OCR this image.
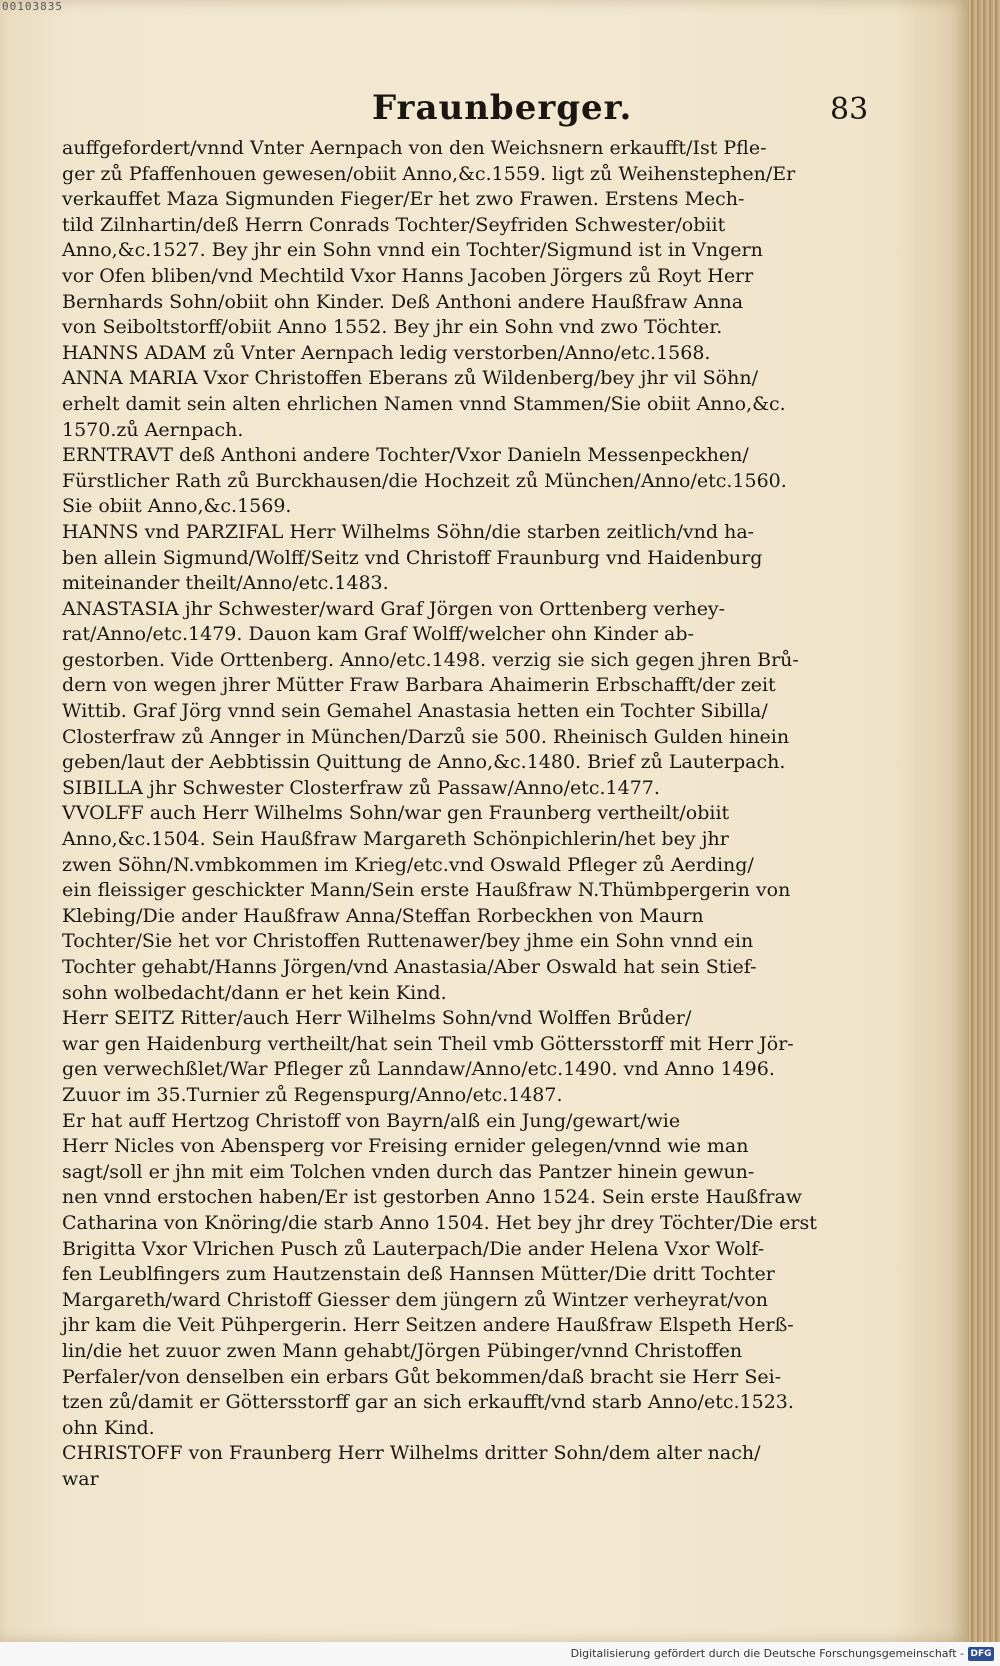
00103835
Fraunberger.	83
auffgefordert/vnnd Vnter Aernpach von den Weichsnern erkaufft/Ist Pfle-
ger zů Pfaffenhouen gewesen/obiit Anno,&c.1559. ligt zů Weihenstephen/Er
verkauffet Maza Sigmunden Fieger/Er het zwo Frawen. Erstens Mech-
tild Zilnhartin/deß Herrn Conrads Tochter/Seyfriden Schwester/obiit
Anno,&c.1527. Bey jhr ein Sohn vnnd ein Tochter/Sigmund ist in Vngern
vor Ofen bliben/vnd Mechtild Vxor Hanns Jacoben Jörgers zů Royt Herr
Bernhards Sohn/obiit ohn Kinder. Deß Anthoni andere Haußfraw Anna
von Seiboltstorff/obiit Anno 1552. Bey jhr ein Sohn vnd zwo Töchter.
HANNS ADAM zů Vnter Aernpach ledig verstorben/Anno/etc.1568.
ANNA MARIA Vxor Christoffen Eberans zů Wildenberg/bey jhr vil Söhn/
erhelt damit sein alten ehrlichen Namen vnnd Stammen/Sie obiit Anno,&c.
1570.zů Aernpach.
ERNTRAVT deß Anthoni andere Tochter/Vxor Danieln Messenpeckhen/
Fürstlicher Rath zů Burckhausen/die Hochzeit zů München/Anno/etc.1560.
Sie obiit Anno,&c.1569.
HANNS vnd PARZIFAL Herr Wilhelms Söhn/die starben zeitlich/vnd ha-
ben allein Sigmund/Wolff/Seitz vnd Christoff Fraunburg vnd Haidenburg
miteinander theilt/Anno/etc.1483.
ANASTASIA jhr Schwester/ward Graf Jörgen von Orttenberg verhey-
rat/Anno/etc.1479. Dauon kam Graf Wolff/welcher ohn Kinder ab-
gestorben. Vide Orttenberg. Anno/etc.1498. verzig sie sich gegen jhren Brů-
dern von wegen jhrer Mütter Fraw Barbara Ahaimerin Erbschafft/der zeit
Wittib. Graf Jörg vnnd sein Gemahel Anastasia hetten ein Tochter Sibilla/
Closterfraw zů Annger in München/Darzů sie 500. Rheinisch Gulden hinein
geben/laut der Aebbtissin Quittung de Anno,&c.1480. Brief zů Lauterpach.
SIBILLA jhr Schwester Closterfraw zů Passaw/Anno/etc.1477.
VVOLFF auch Herr Wilhelms Sohn/war gen Fraunberg vertheilt/obiit
Anno,&c.1504. Sein Haußfraw Margareth Schönpichlerin/het bey jhr
zwen Söhn/N.vmbkommen im Krieg/etc.vnd Oswald Pfleger zů Aerding/
ein fleissiger geschickter Mann/Sein erste Haußfraw N.Thümbpergerin von
Klebing/Die ander Haußfraw Anna/Steffan Rorbeckhen von Maurn
Tochter/Sie het vor Christoffen Ruttenawer/bey jhme ein Sohn vnnd ein
Tochter gehabt/Hanns Jörgen/vnd Anastasia/Aber Oswald hat sein Stief-
sohn wolbedacht/dann er het kein Kind.
Herr SEITZ Ritter/auch Herr Wilhelms Sohn/vnd Wolffen Brůder/
war gen Haidenburg vertheilt/hat sein Theil vmb Göttersstorff mit Herr Jör-
gen verwechßlet/War Pfleger zů Lanndaw/Anno/etc.1490. vnd Anno 1496.
Zuuor im 35.Turnier zů Regenspurg/Anno/etc.1487.
Er hat auff Hertzog Christoff von Bayrn/alß ein Jung/gewart/wie
Herr Nicles von Abensperg vor Freising ernider gelegen/vnnd wie man
sagt/soll er jhn mit eim Tolchen vnden durch das Pantzer hinein gewun-
nen vnnd erstochen haben/Er ist gestorben Anno 1524. Sein erste Haußfraw
Catharina von Knöring/die starb Anno 1504. Het bey jhr drey Töchter/Die erst
Brigitta Vxor Vlrichen Pusch zů Lauterpach/Die ander Helena Vxor Wolf-
fen Leublfingers zum Hautzenstain deß Hannsen Mütter/Die dritt Tochter
Margareth/ward Christoff Giesser dem jüngern zů Wintzer verheyrat/von
jhr kam die Veit Pühpergerin. Herr Seitzen andere Haußfraw Elspeth Herß-
lin/die het zuuor zwen Mann gehabt/Jörgen Pübinger/vnnd Christoffen
Perfaler/von denselben ein erbars Gůt bekommen/daß bracht sie Herr Sei-
tzen zů/damit er Göttersstorff gar an sich erkaufft/vnd starb Anno/etc.1523.
ohn Kind.
CHRISTOFF von Fraunberg Herr Wilhelms dritter Sohn/dem alter nach/
war
Digitalisierung gefördert durch die Deutsche Forschungsgemeinschaft - DFG
